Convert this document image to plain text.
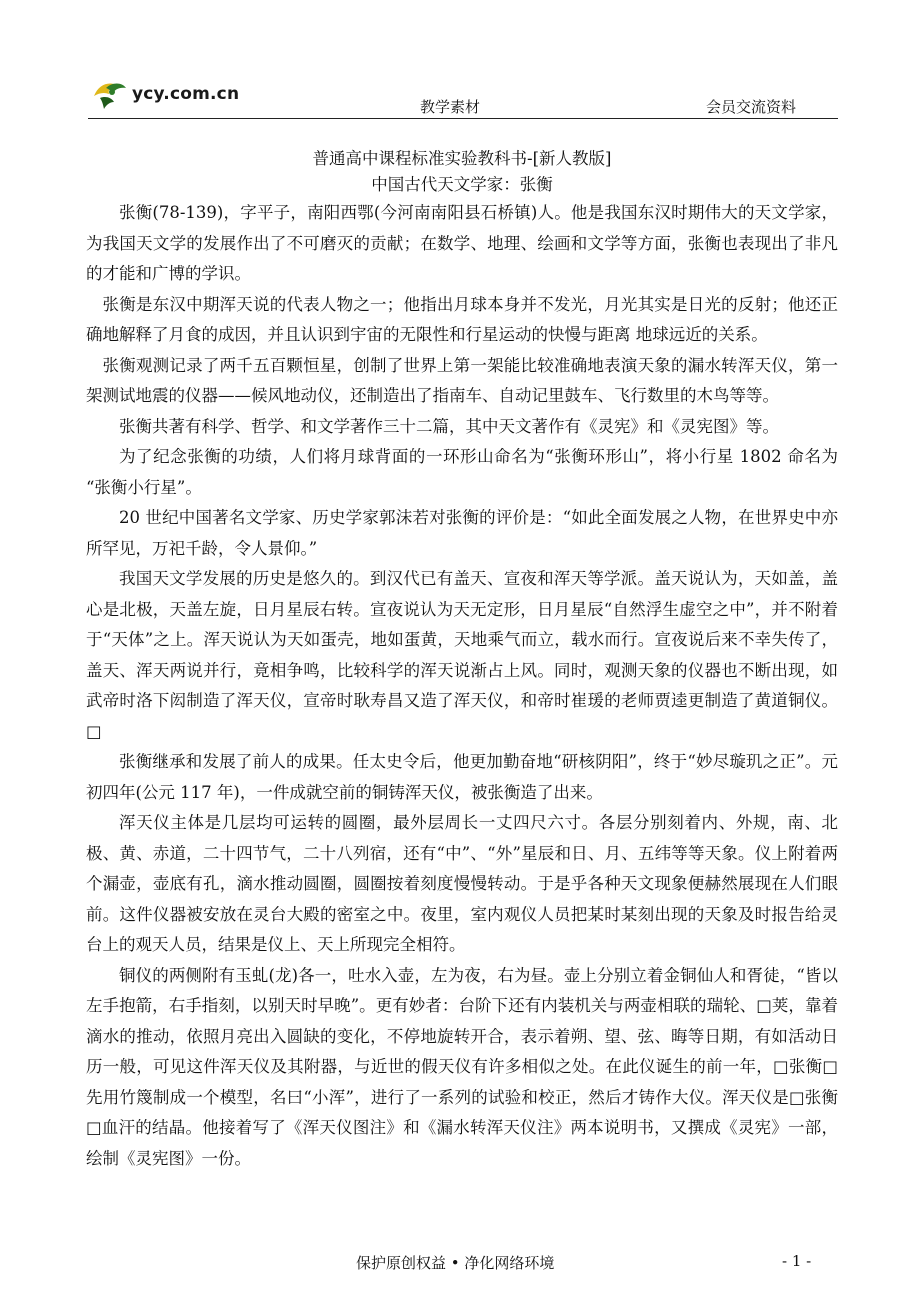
ycy.com.cn
教学素材	会员交流资料

普通高中课程标准实验教科书-[新人教版]

中国古代天文学家：张衡

张衡(78-139)，字平子，南阳西鄂(今河南南阳县石桥镇)人。他是我国东汉时期伟大的天文学家，为我国天文学的发展作出了不可磨灭的贡献；在数学、地理、绘画和文学等方面，张衡也表现出了非凡的才能和广博的学识。

张衡是东汉中期浑天说的代表人物之一；他指出月球本身并不发光，月光其实是日光的反射；他还正确地解释了月食的成因，并且认识到宇宙的无限性和行星运动的快慢与距离 地球远近的关系。

张衡观测记录了两千五百颗恒星，创制了世界上第一架能比较准确地表演天象的漏水转浑天仪，第一架测试地震的仪器——候风地动仪，还制造出了指南车、自动记里鼓车、飞行数里的木鸟等等。

张衡共著有科学、哲学、和文学著作三十二篇，其中天文著作有《灵宪》和《灵宪图》等。

为了纪念张衡的功绩，人们将月球背面的一环形山命名为“张衡环形山”，将小行星 1802 命名为 “张衡小行星”。

20 世纪中国著名文学家、历史学家郭沫若对张衡的评价是：“如此全面发展之人物，在世界史中亦所罕见，万祀千龄，令人景仰。”

我国天文学发展的历史是悠久的。到汉代已有盖天、宣夜和浑天等学派。盖天说认为，天如盖，盖心是北极，天盖左旋，日月星辰右转。宣夜说认为天无定形，日月星辰“自然浮生虚空之中”，并不附着于“天体”之上。浑天说认为天如蛋壳，地如蛋黄，天地乘气而立，载水而行。宣夜说后来不幸失传了，盖天、浑天两说并行，竟相争鸣，比较科学的浑天说渐占上风。同时，观测天象的仪器也不断出现，如武帝时洛下闳制造了浑天仪，宣帝时耿寿昌又造了浑天仪，和帝时崔瑗的老师贾逵更制造了黄道铜仪。□

张衡继承和发展了前人的成果。任太史令后，他更加勤奋地“研核阴阳”，终于“妙尽璇玑之正”。元初四年(公元 117 年)，一件成就空前的铜铸浑天仪，被张衡造了出来。

浑天仪主体是几层均可运转的圆圈，最外层周长一丈四尺六寸。各层分别刻着内、外规，南、北极、黄、赤道，二十四节气，二十八列宿，还有“中”、“外”星辰和日、月、五纬等等天象。仪上附着两个漏壶，壶底有孔，滴水推动圆圈，圆圈按着刻度慢慢转动。于是乎各种天文现象便赫然展现在人们眼前。这件仪器被安放在灵台大殿的密室之中。夜里，室内观仪人员把某时某刻出现的天象及时报告给灵台上的观天人员，结果是仪上、天上所现完全相符。

铜仪的两侧附有玉虬(龙)各一，吐水入壶，左为夜，右为昼。壶上分别立着金铜仙人和胥徒，“皆以左手抱箭，右手指刻，以别天时早晚”。更有妙者：台阶下还有内装机关与两壶相联的瑞轮、□荚，靠着滴水的推动，依照月亮出入圆缺的变化，不停地旋转开合，表示着朔、望、弦、晦等日期，有如活动日历一般，可见这件浑天仪及其附器，与近世的假天仪有许多相似之处。在此仪诞生的前一年，□张衡□先用竹篾制成一个模型，名曰“小浑”，进行了一系列的试验和校正，然后才铸作大仪。浑天仪是□张衡□血汗的结晶。他接着写了《浑天仪图注》和《漏水转浑天仪注》两本说明书，又撰成《灵宪》一部，绘制《灵宪图》一份。

保护原创权益 • 净化网络环境	- 1 -
